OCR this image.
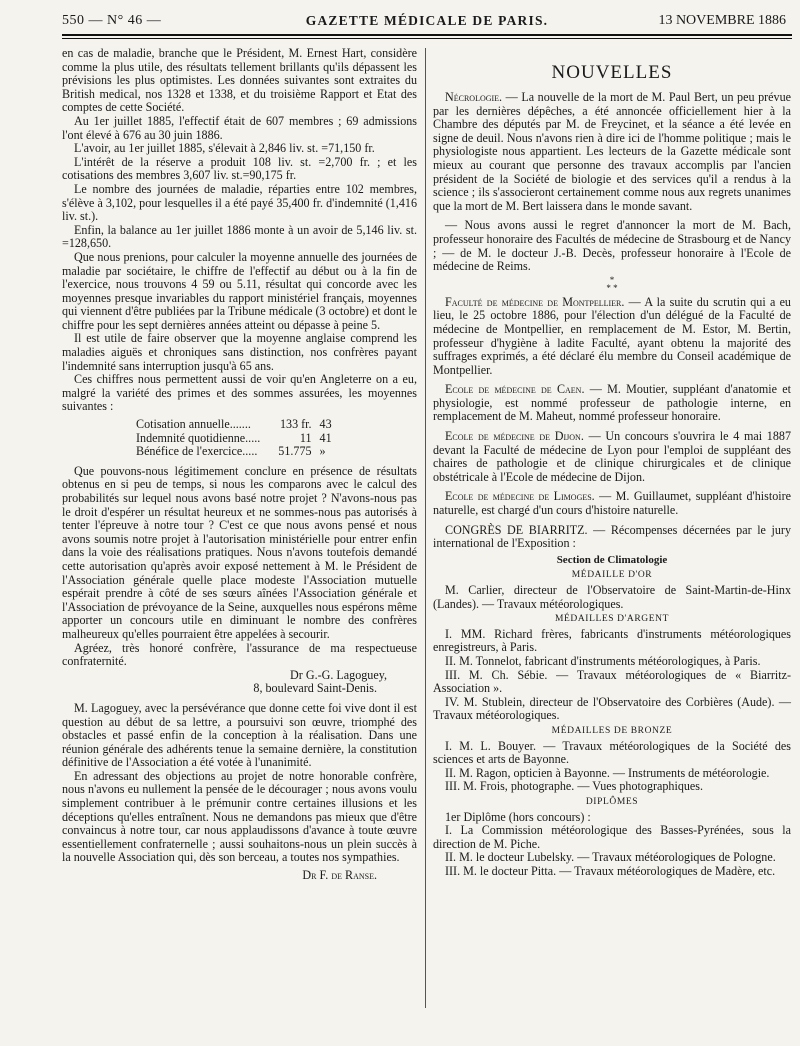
550 — N° 46 —	GAZETTE MÉDICALE DE PARIS.	13 NOVEMBRE 1886

en cas de maladie, branche que le Président, M. Ernest Hart, considère comme la plus utile, des résultats tellement brillants qu'ils dépassent les prévisions les plus optimistes. Les données suivantes sont extraites du British medical, nos 1328 et 1338, et du troisième Rapport et Etat des comptes de cette Société.

Au 1er juillet 1885, l'effectif était de 607 membres ; 69 admissions l'ont élevé à 676 au 30 juin 1886.

L'avoir, au 1er juillet 1885, s'élevait à 2,846 liv. st. =71,150 fr.

L'intérêt de la réserve a produit 108 liv. st. =2,700 fr. ; et les cotisations des membres 3,607 liv. st.=90,175 fr.

Le nombre des journées de maladie, réparties entre 102 membres, s'élève à 3,102, pour lesquelles il a été payé 35,400 fr. d'indemnité (1,416 liv. st.).

Enfin, la balance au 1er juillet 1886 monte à un avoir de 5,146 liv. st. =128,650.

Que nous prenions, pour calculer la moyenne annuelle des journées de maladie par sociétaire, le chiffre de l'effectif au début ou à la fin de l'exercice, nous trouvons 4 59 ou 5.11, résultat qui concorde avec les moyennes presque invariables du rapport ministériel français, moyennes qui viennent d'être publiées par la Tribune médicale (3 octobre) et dont le chiffre pour les sept dernières années atteint ou dépasse à peine 5.

Il est utile de faire observer que la moyenne anglaise comprend les maladies aiguës et chroniques sans distinction, nos confrères payant l'indemnité sans interruption jusqu'à 65 ans.

Ces chiffres nous permettent aussi de voir qu'en Angleterre on a eu, malgré la variété des primes et des sommes assurées, les moyennes suivantes :

Cotisation annuelle.......	133 fr.	43
Indemnité quotidienne.....	11	41
Bénéfice de l'exercice.....	51.775	»

Que pouvons-nous légitimement conclure en présence de résultats obtenus en si peu de temps, si nous les comparons avec le calcul des probabilités sur lequel nous avons basé notre projet ? N'avons-nous pas le droit d'espérer un résultat heureux et ne sommes-nous pas autorisés à tenter l'épreuve à notre tour ? C'est ce que nous avons pensé et nous avons soumis notre projet à l'autorisation ministérielle pour entrer enfin dans la voie des réalisations pratiques. Nous n'avons toutefois demandé cette autorisation qu'après avoir exposé nettement à M. le Président de l'Association générale quelle place modeste l'Association mutuelle espérait prendre à côté de ses sœurs aînées l'Association générale et l'Association de prévoyance de la Seine, auxquelles nous espérons même apporter un concours utile en diminuant le nombre des confrères malheureux qu'elles pourraient être appelées à secourir.

Agréez, très honoré confrère, l'assurance de ma respectueuse confraternité.

Dr G.-G. Lagoguey,
8, boulevard Saint-Denis.

M. Lagoguey, avec la persévérance que donne cette foi vive dont il est question au début de sa lettre, a poursuivi son œuvre, triomphé des obstacles et passé enfin de la conception à la réalisation. Dans une réunion générale des adhérents tenue la semaine dernière, la constitution définitive de l'Association a été votée à l'unanimité.

En adressant des objections au projet de notre honorable confrère, nous n'avons eu nullement la pensée de le décourager ; nous avons voulu simplement contribuer à le prémunir contre certaines illusions et les déceptions qu'elles entraînent. Nous ne demandons pas mieux que d'être convaincus à notre tour, car nous applaudissons d'avance à toute œuvre essentiellement confraternelle ; aussi souhaitons-nous un plein succès à la nouvelle Association qui, dès son berceau, a toutes nos sympathies.

Dr F. de Ranse.
NOUVELLES

Nécrologie. — La nouvelle de la mort de M. Paul Bert, un peu prévue par les dernières dépêches, a été annoncée officiellement hier à la Chambre des députés par M. de Freycinet, et la séance a été levée en signe de deuil. Nous n'avons rien à dire ici de l'homme politique ; mais le physiologiste nous appartient. Les lecteurs de la Gazette médicale sont mieux au courant que personne des travaux accomplis par l'ancien président de la Société de biologie et des services qu'il a rendus à la science ; ils s'associeront certainement comme nous aux regrets unanimes que la mort de M. Bert laissera dans le monde savant.

— Nous avons aussi le regret d'annoncer la mort de M. Bach, professeur honoraire des Facultés de médecine de Strasbourg et de Nancy ; — de M. le docteur J.-B. Decès, professeur honoraire à l'Ecole de médecine de Reims.

*
* *

Faculté de médecine de Montpellier. — A la suite du scrutin qui a eu lieu, le 25 octobre 1886, pour l'élection d'un délégué de la Faculté de médecine de Montpellier, en remplacement de M. Estor, M. Bertin, professeur d'hygiène à ladite Faculté, ayant obtenu la majorité des suffrages exprimés, a été déclaré élu membre du Conseil académique de Montpellier.

Ecole de médecine de Caen. — M. Moutier, suppléant d'anatomie et physiologie, est nommé professeur de pathologie interne, en remplacement de M. Maheut, nommé professeur honoraire.

Ecole de médecine de Dijon. — Un concours s'ouvrira le 4 mai 1887 devant la Faculté de médecine de Lyon pour l'emploi de suppléant des chaires de pathologie et de clinique chirurgicales et de clinique obstétricale à l'Ecole de médecine de Dijon.

Ecole de médecine de Limoges. — M. Guillaumet, suppléant d'histoire naturelle, est chargé d'un cours d'histoire naturelle.

CONGRÈS DE BIARRITZ. — Récompenses décernées par le jury international de l'Exposition :

Section de Climatologie
MÉDAILLE D'OR

M. Carlier, directeur de l'Observatoire de Saint-Martin-de-Hinx (Landes). — Travaux météorologiques.

MÉDAILLES D'ARGENT

I. MM. Richard frères, fabricants d'instruments météorologiques enregistreurs, à Paris.

II. M. Tonnelot, fabricant d'instruments météorologiques, à Paris.

III. M. Ch. Sébie. — Travaux météorologiques de « Biarritz-Association ».

IV. M. Stublein, directeur de l'Observatoire des Corbières (Aude). — Travaux météorologiques.

MÉDAILLES DE BRONZE

I. M. L. Bouyer. — Travaux météorologiques de la Société des sciences et arts de Bayonne.

II. M. Ragon, opticien à Bayonne. — Instruments de météorologie.

III. M. Frois, photographe. — Vues photographiques.

DIPLÔMES

1er Diplôme (hors concours) :

I. La Commission météorologique des Basses-Pyrénées, sous la direction de M. Piche.

II. M. le docteur Lubelsky. — Travaux météorologiques de Pologne.

III. M. le docteur Pitta. — Travaux météorologiques de Madère, etc.
